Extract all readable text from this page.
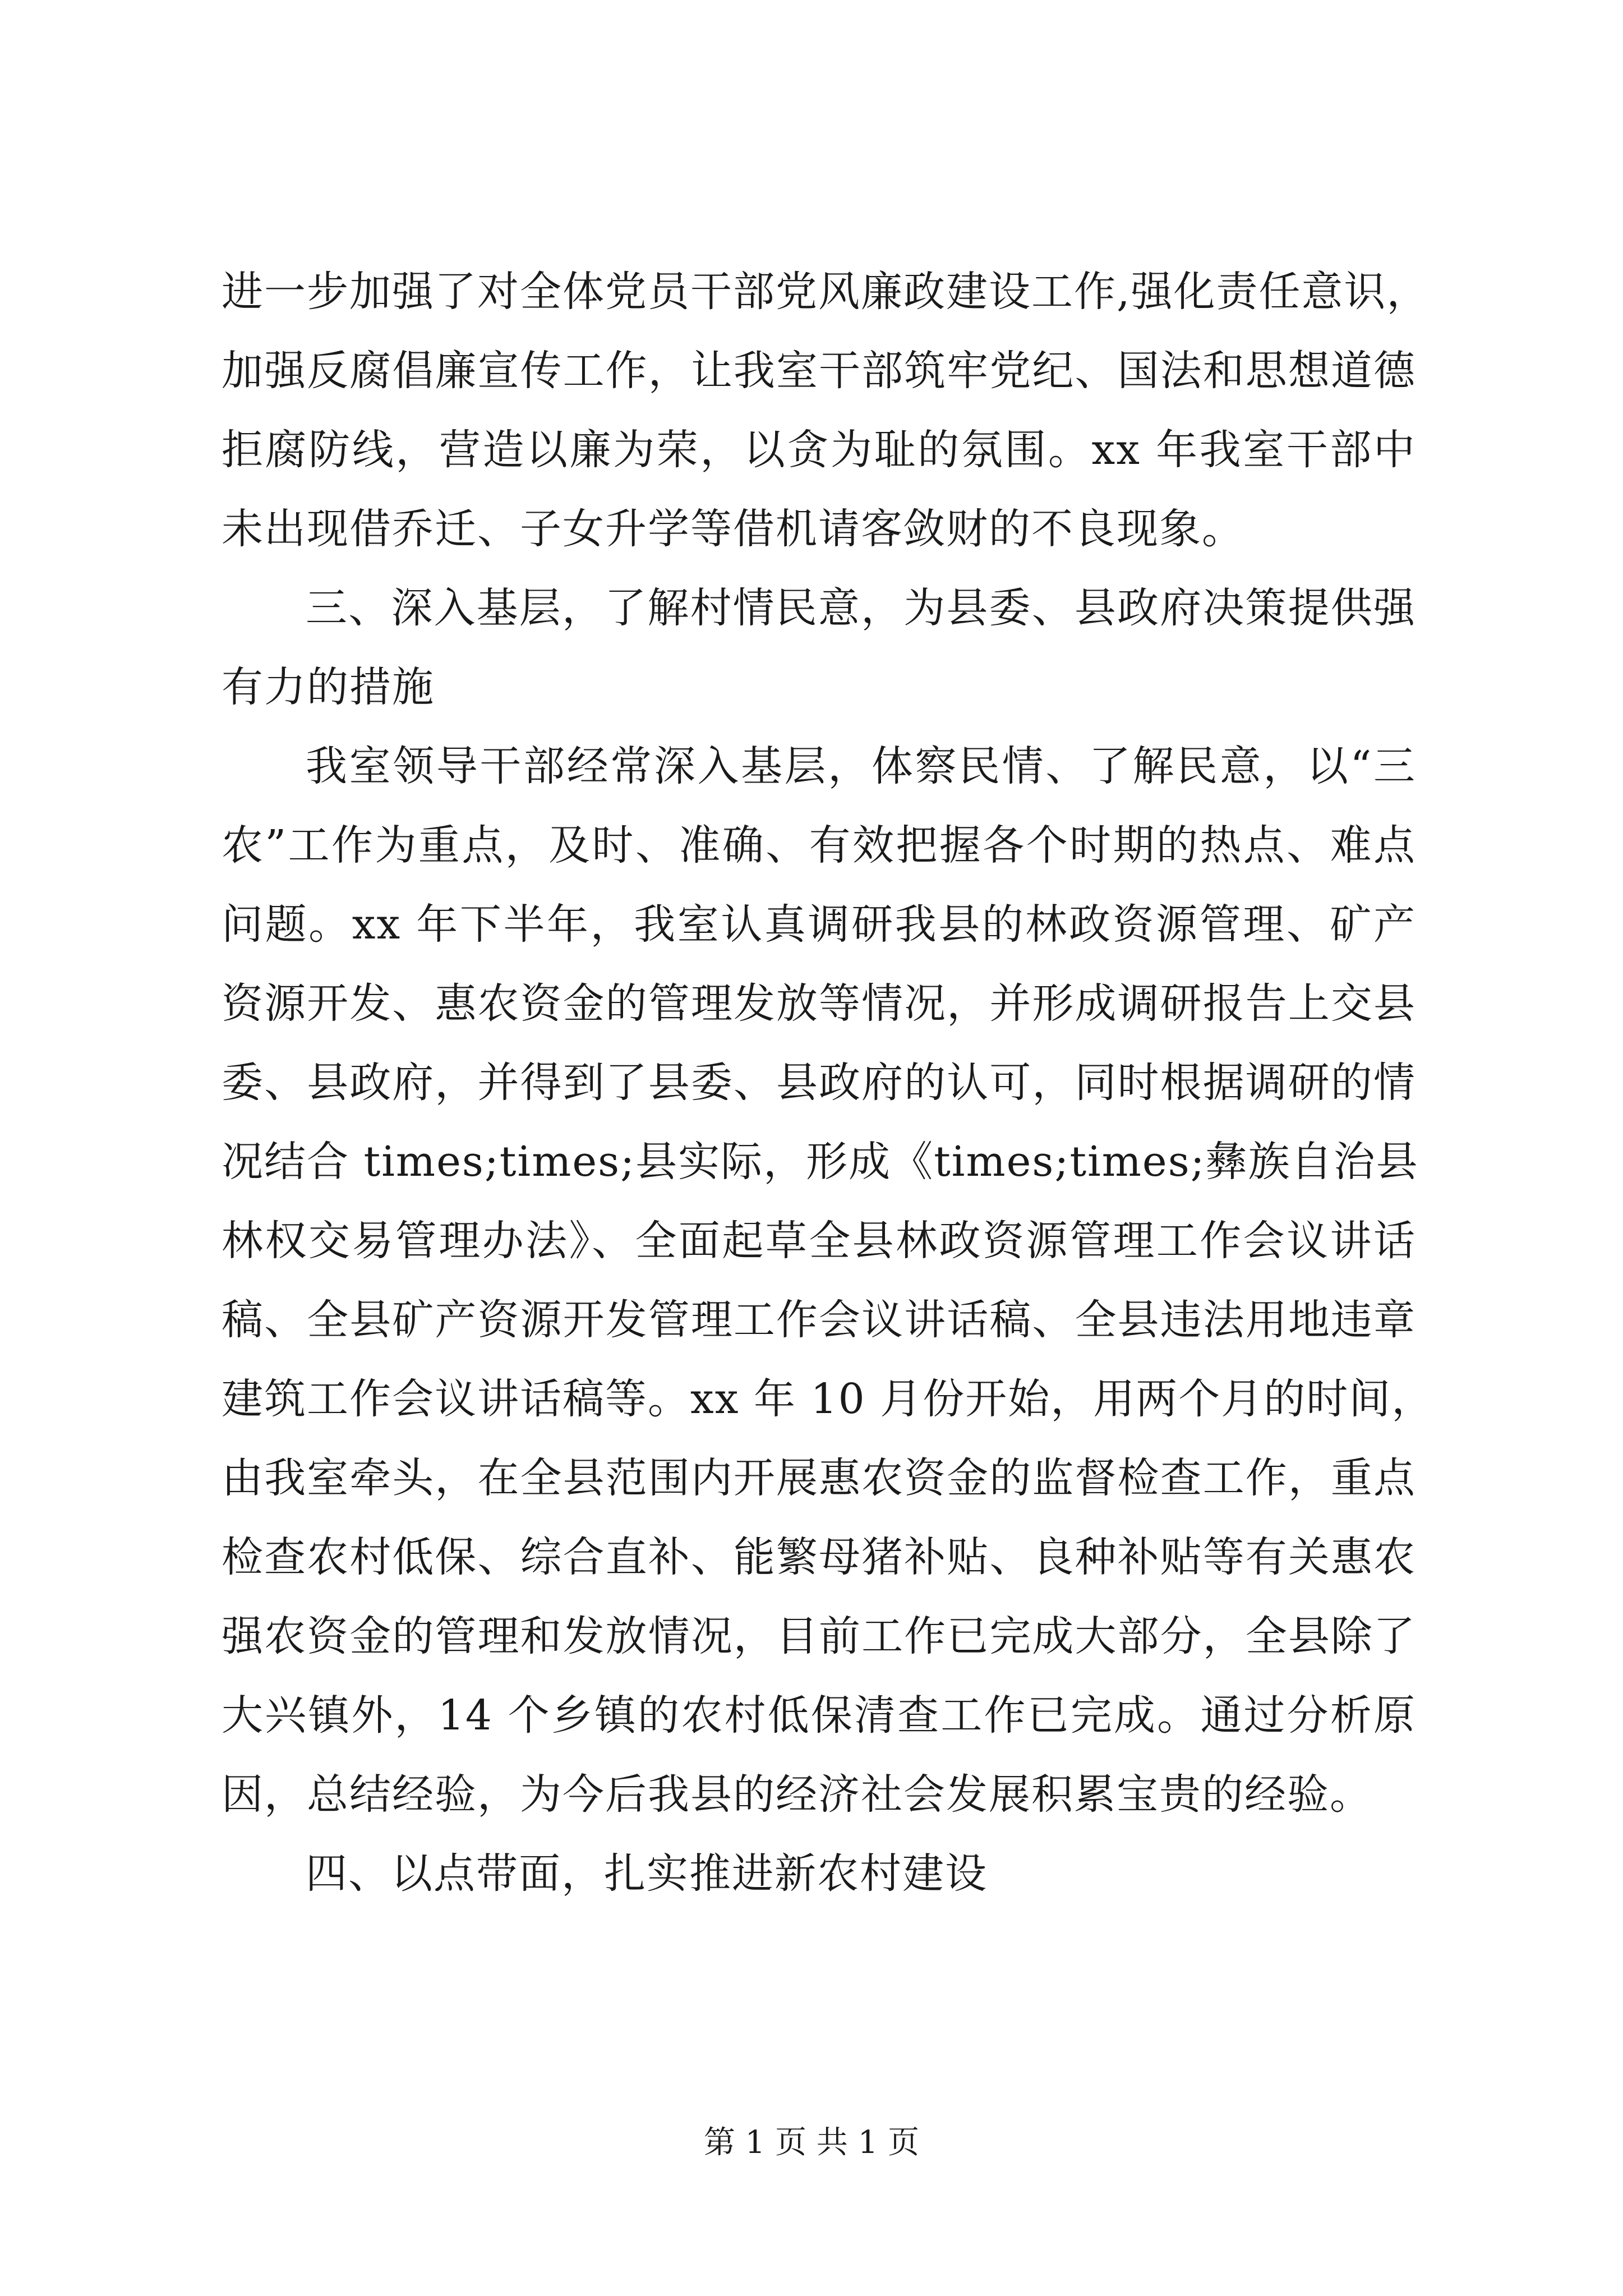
进一步加强了对全体党员干部党风廉政建设工作,强化责任意识，
加强反腐倡廉宣传工作，让我室干部筑牢党纪、国法和思想道德
拒腐防线，营造以廉为荣，以贪为耻的氛围。xx 年我室干部中
未出现借乔迁、子女升学等借机请客敛财的不良现象。
三、深入基层，了解村情民意，为县委、县政府决策提供强
有力的措施
我室领导干部经常深入基层，体察民情、了解民意，以“三
农”工作为重点，及时、准确、有效把握各个时期的热点、难点
问题。xx 年下半年，我室认真调研我县的林政资源管理、矿产
资源开发、惠农资金的管理发放等情况，并形成调研报告上交县
委、县政府，并得到了县委、县政府的认可，同时根据调研的情
况结合 times;times;县实际，形成《times;times;彝族自治县
林权交易管理办法》、全面起草全县林政资源管理工作会议讲话
稿、全县矿产资源开发管理工作会议讲话稿、全县违法用地违章
建筑工作会议讲话稿等。xx 年 10 月份开始，用两个月的时间，
由我室牵头，在全县范围内开展惠农资金的监督检查工作，重点
检查农村低保、综合直补、能繁母猪补贴、良种补贴等有关惠农
强农资金的管理和发放情况，目前工作已完成大部分，全县除了
大兴镇外，14 个乡镇的农村低保清查工作已完成。通过分析原
因，总结经验，为今后我县的经济社会发展积累宝贵的经验。
四、以点带面，扎实推进新农村建设
第 1 页 共 1 页
